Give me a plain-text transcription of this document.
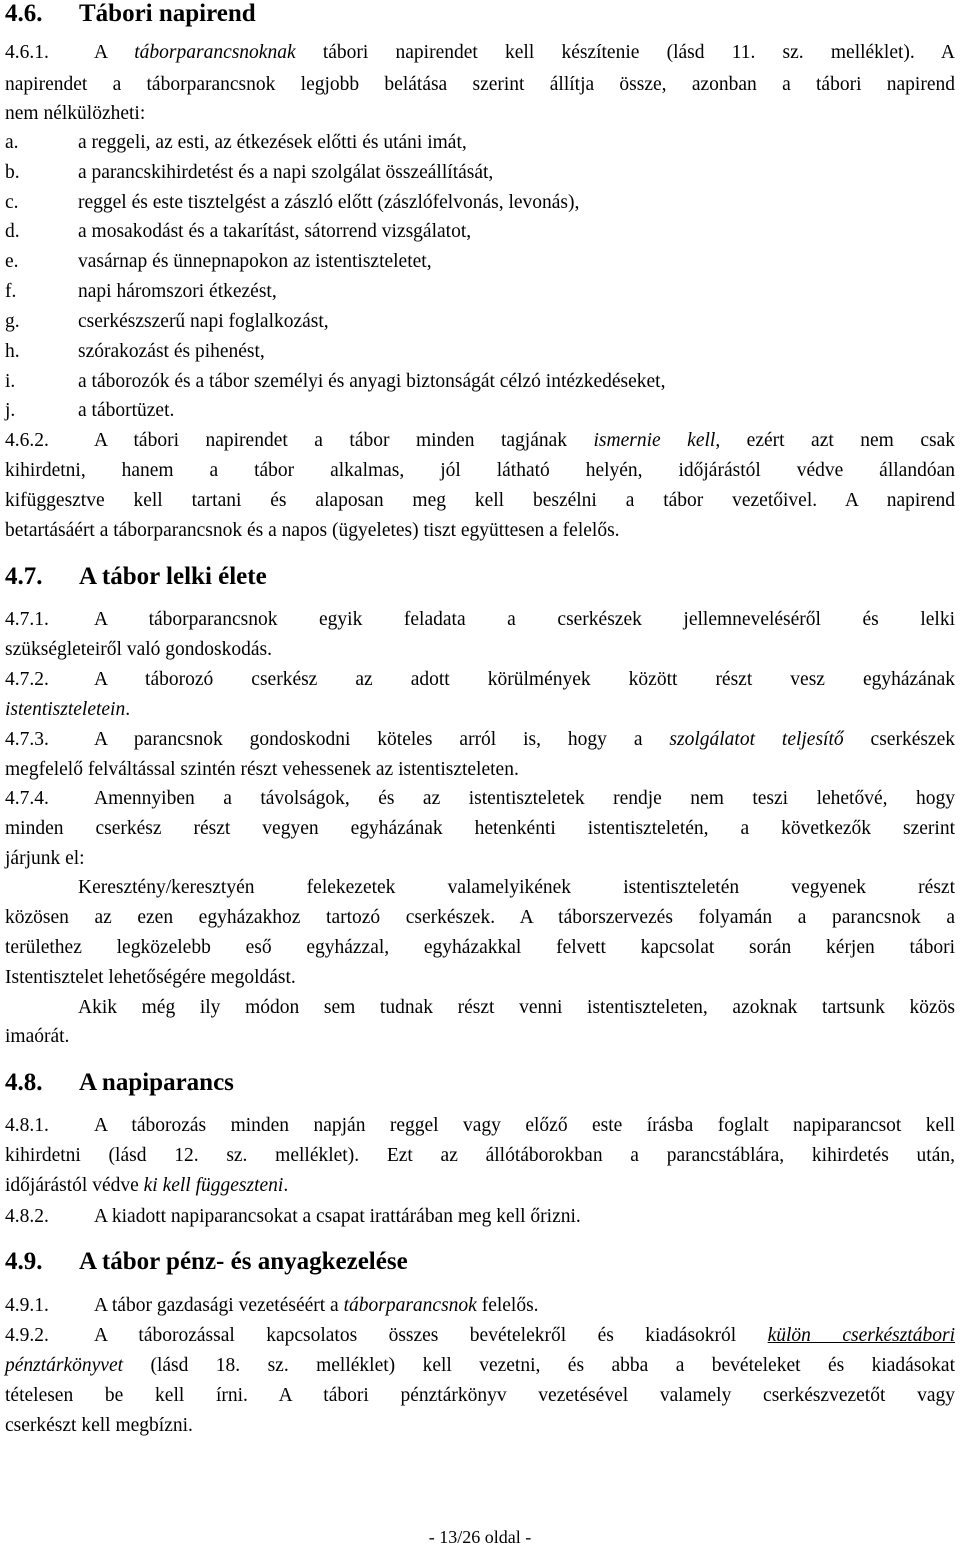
4.6. Tábori napirend
4.6.1. A táborparancsnoknak tábori napirendet kell készítenie (lásd 11. sz. melléklet). A
napirendet a táborparancsnok legjobb belátása szerint állítja össze, azonban a tábori napirend
nem nélkülözheti:
a.	a reggeli, az esti, az étkezések előtti és utáni imát,
b.	a parancskihirdetést és a napi szolgálat összeállítását,
c.	reggel és este tisztelgést a zászló előtt (zászlófelvonás, levonás),
d.	a mosakodást és a takarítást, sátorrend vizsgálatot,
e.	vasárnap és ünnepnapokon az istentiszteletet,
f.	napi háromszori étkezést,
g.	cserkészszerű napi foglalkozást,
h.	szórakozást és pihenést,
i.	a táborozók és a tábor személyi és anyagi biztonságát célzó intézkedéseket,
j.	a tábortüzet.
4.6.2. A tábori napirendet a tábor minden tagjának ismernie kell, ezért azt nem csak
kihirdetni, hanem a tábor alkalmas, jól látható helyén, időjárástól védve állandóan
kifüggesztve kell tartani és alaposan meg kell beszélni a tábor vezetőivel. A napirend
betartásáért a táborparancsnok és a napos (ügyeletes) tiszt együttesen a felelős.
4.7. A tábor lelki élete
4.7.1. A táborparancsnok egyik feladata a cserkészek jellemneveléséről és lelki
szükségleteiről való gondoskodás.
4.7.2. A táborozó cserkész az adott körülmények között részt vesz egyházának
istentiszteletein.
4.7.3. A parancsnok gondoskodni köteles arról is, hogy a szolgálatot teljesítő cserkészek
megfelelő felváltással szintén részt vehessenek az istentiszteleten.
4.7.4. Amennyiben a távolságok, és az istentiszteletek rendje nem teszi lehetővé, hogy
minden cserkész részt vegyen egyházának hetenkénti istentiszteletén, a következők szerint
járjunk el:
Keresztény/keresztyén felekezetek valamelyikének istentiszteletén vegyenek részt
közösen az ezen egyházakhoz tartozó cserkészek. A táborszervezés folyamán a parancsnok a
területhez legközelebb eső egyházzal, egyházakkal felvett kapcsolat során kérjen tábori
Istentisztelet lehetőségére megoldást.
Akik még ily módon sem tudnak részt venni istentiszteleten, azoknak tartsunk közös
imaórát.
4.8. A napiparancs
4.8.1. A táborozás minden napján reggel vagy előző este írásba foglalt napiparancsot kell
kihirdetni (lásd 12. sz. melléklet). Ezt az állótáborokban a parancstáblára, kihirdetés után,
időjárástól védve ki kell függeszteni.
4.8.2. A kiadott napiparancsokat a csapat irattárában meg kell őrizni.
4.9. A tábor pénz- és anyagkezelése
4.9.1. A tábor gazdasági vezetéséért a táborparancsnok felelős.
4.9.2. A táborozással kapcsolatos összes bevételekről és kiadásokról külön cserkésztábori
pénztárkönyvet (lásd 18. sz. melléklet) kell vezetni, és abba a bevételeket és kiadásokat
tételesen be kell írni. A tábori pénztárkönyv vezetésével valamely cserkészvezetőt vagy
cserkészt kell megbízni.
- 13/26 oldal -
